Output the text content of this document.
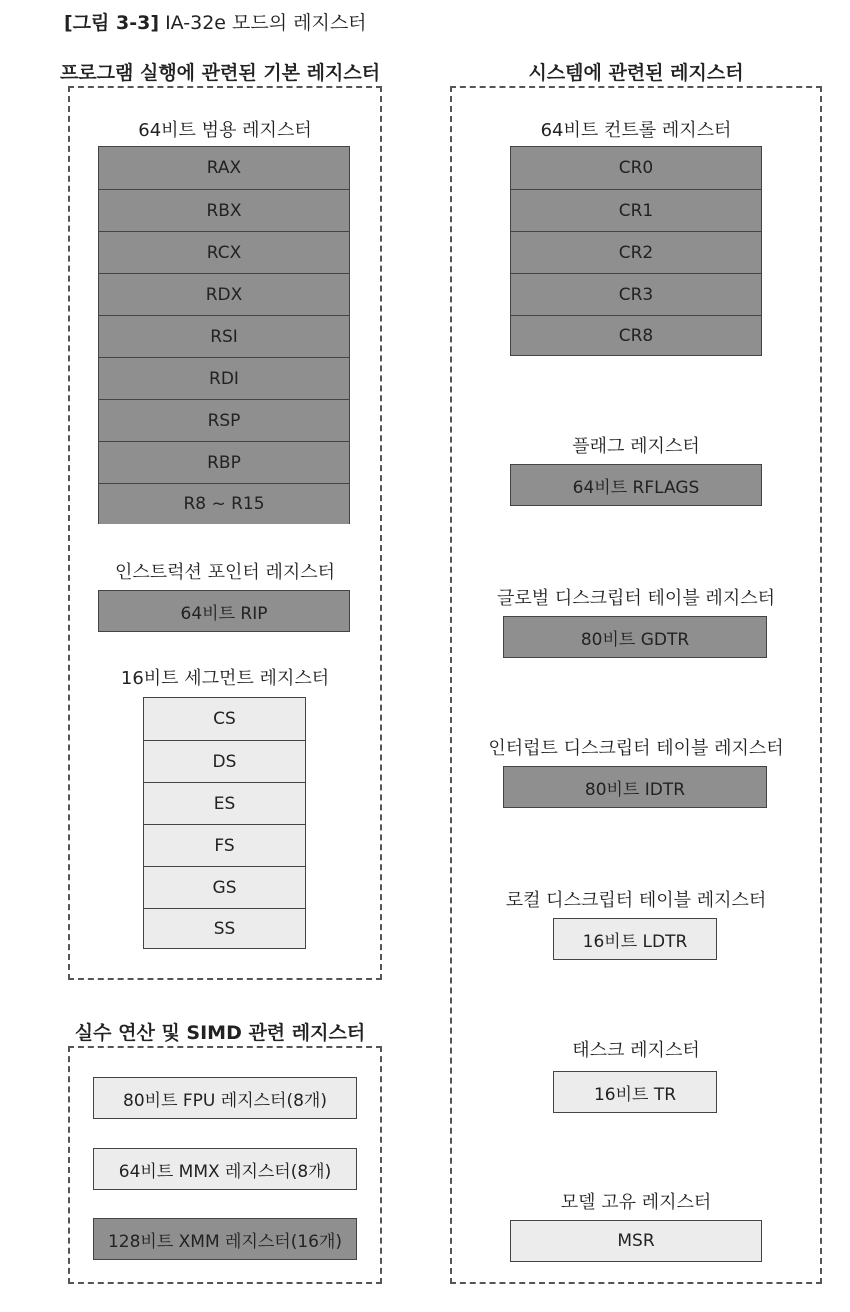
[그림 3-3] IA-32e 모드의 레지스터
프로그램 실행에 관련된 기본 레지스터
64비트 범용 레지스터
RAX
RBX
RCX
RDX
RSI
RDI
RSP
RBP
R8 ~ R15
인스트럭션 포인터 레지스터
64비트 RIP
16비트 세그먼트 레지스터
CS
DS
ES
FS
GS
SS
실수 연산 및 SIMD 관련 레지스터
80비트 FPU 레지스터(8개)
64비트 MMX 레지스터(8개)
128비트 XMM 레지스터(16개)
시스템에 관련된 레지스터
64비트 컨트롤 레지스터
CR0
CR1
CR2
CR3
CR8
플래그 레지스터
64비트 RFLAGS
글로벌 디스크립터 테이블 레지스터
80비트 GDTR
인터럽트 디스크립터 테이블 레지스터
80비트 IDTR
로컬 디스크립터 테이블 레지스터
16비트 LDTR
태스크 레지스터
16비트 TR
모델 고유 레지스터
MSR
